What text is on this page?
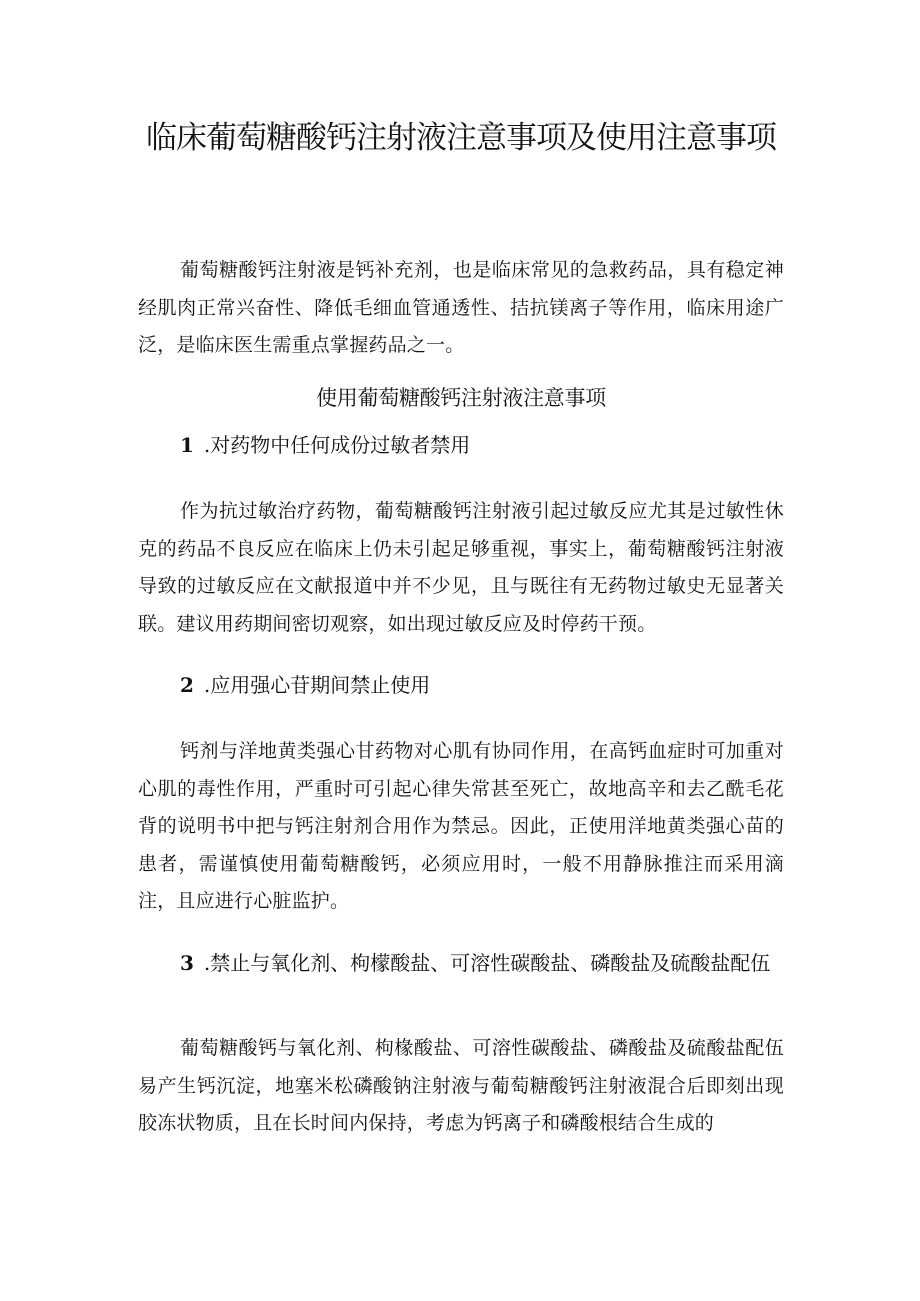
临床葡萄糖酸钙注射液注意事项及使用注意事项

葡萄糖酸钙注射液是钙补充剂，也是临床常见的急救药品，具有稳定神经肌肉正常兴奋性、降低毛细血管通透性、拮抗镁离子等作用，临床用途广泛，是临床医生需重点掌握药品之一。

使用葡萄糖酸钙注射液注意事项

1 .对药物中任何成份过敏者禁用

作为抗过敏治疗药物，葡萄糖酸钙注射液引起过敏反应尤其是过敏性休克的药品不良反应在临床上仍未引起足够重视，事实上，葡萄糖酸钙注射液导致的过敏反应在文献报道中并不少见，且与既往有无药物过敏史无显著关联。建议用药期间密切观察，如出现过敏反应及时停药干预。

2 .应用强心苷期间禁止使用

钙剂与洋地黄类强心甘药物对心肌有协同作用，在高钙血症时可加重对心肌的毒性作用，严重时可引起心律失常甚至死亡，故地高辛和去乙酰毛花背的说明书中把与钙注射剂合用作为禁忌。因此，正使用洋地黄类强心苗的患者，需谨慎使用葡萄糖酸钙，必须应用时，一般不用静脉推注而采用滴注，且应进行心脏监护。

3 .禁止与氧化剂、枸檬酸盐、可溶性碳酸盐、磷酸盐及硫酸盐配伍

葡萄糖酸钙与氧化剂、枸椽酸盐、可溶性碳酸盐、磷酸盐及硫酸盐配伍易产生钙沉淀，地塞米松磷酸钠注射液与葡萄糖酸钙注射液混合后即刻出现胶冻状物质，且在长时间内保持，考虑为钙离子和磷酸根结合生成的
